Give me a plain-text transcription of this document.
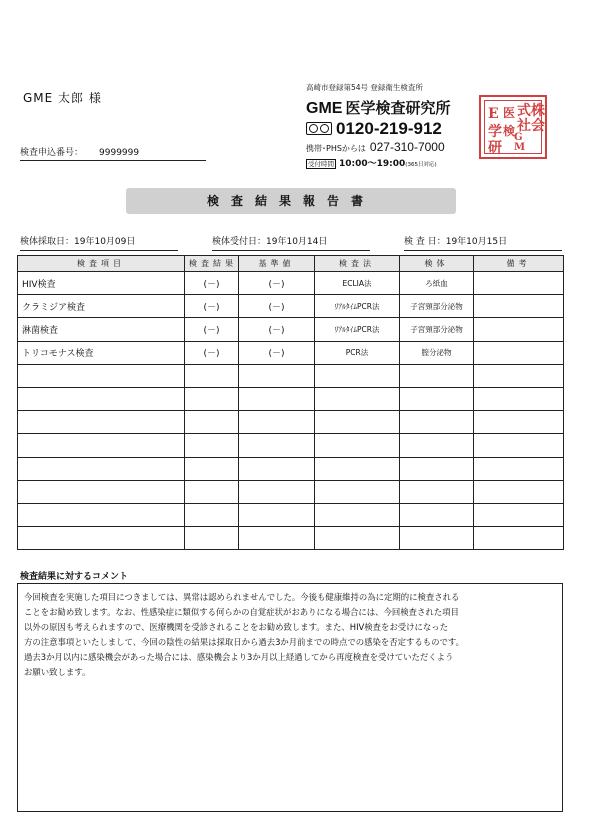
GME 太郎 様
検査申込番号： 9999999
高崎市登録第54号 登録衛生検査所
GME 医学検査研究所
0120-219-912
携帯･PHSからは 027-310-7000
受付時間 10:00～19:00(365日対応)
株
式
会
社
G
M
E 医
学 検
研
検査結果報告書
検体採取日：19年10月09日	検体受付日：19年10月14日	検 査 日：19年10月15日
検査項目	検査結果	基準値	検査法	検体	備考
HIV検査	(－)	(－)	ECLIA法	ろ紙血	
クラミジア検査	(－)	(－)	ﾘｱﾙﾀｲﾑPCR法	子宮頸部分泌物	
淋菌検査	(－)	(－)	ﾘｱﾙﾀｲﾑPCR法	子宮頸部分泌物	
トリコモナス検査	(－)	(－)	PCR法	膣分泌物	

検査結果に対するコメント
今回検査を実施した項目につきましては、異常は認められませんでした。今後も健康維持の為に定期的に検査される
ことをお勧め致します。なお、性感染症に類似する何らかの自覚症状がおありになる場合には、今回検査された項目
以外の原因も考えられますので、医療機関を受診されることをお勧め致します。また、HIV検査をお受けになった
方の注意事項といたしまして、今回の陰性の結果は採取日から過去3か月前までの時点での感染を否定するものです。
過去3か月以内に感染機会があった場合には、感染機会より3か月以上経過してから再度検査を受けていただくよう
お願い致します。
